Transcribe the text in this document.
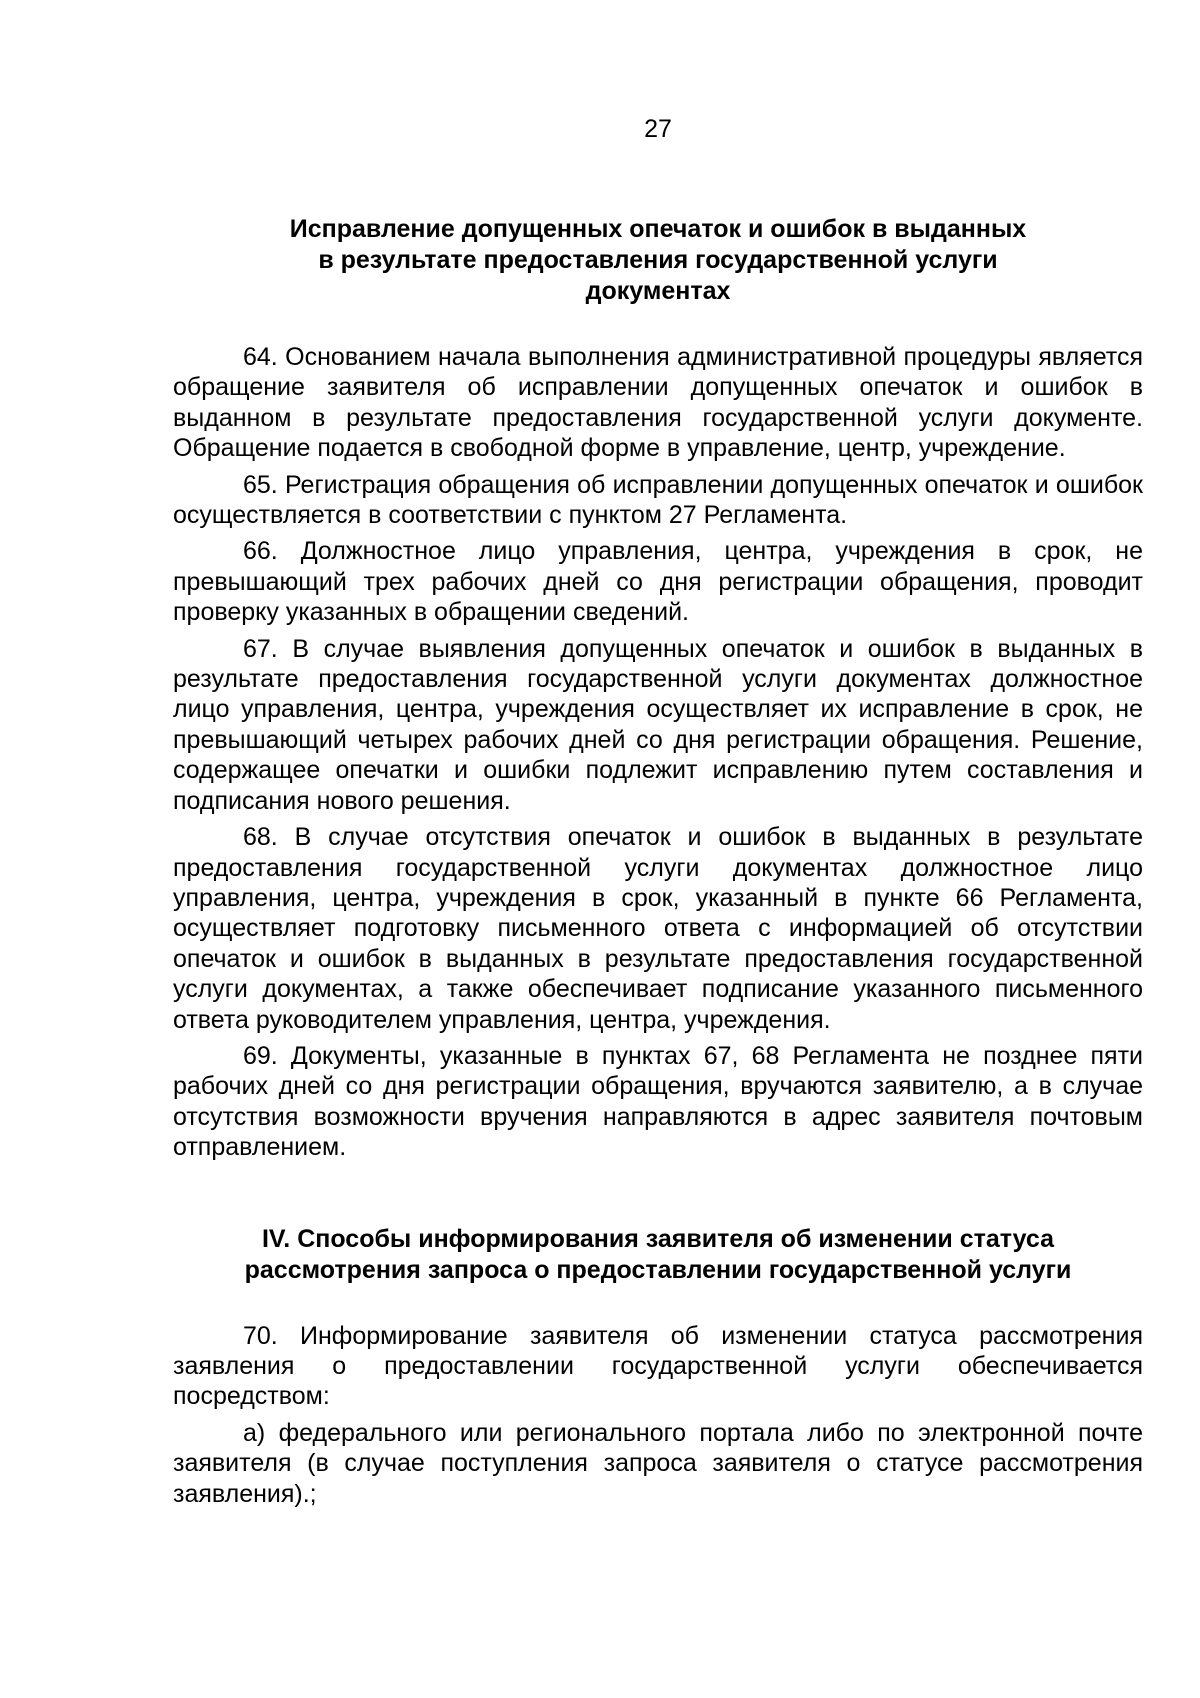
27
Исправление допущенных опечаток и ошибок в выданных
в результате предоставления государственной услуги
документах

64. Основанием начала выполнения административной процедуры является обращение заявителя об исправлении допущенных опечаток и ошибок в выданном в результате предоставления государственной услуги документе. Обращение подается в свободной форме в управление, центр, учреждение.

65. Регистрация обращения об исправлении допущенных опечаток и ошибок осуществляется в соответствии с пунктом 27 Регламента.

66. Должностное лицо управления, центра, учреждения в срок, не превышающий трех рабочих дней со дня регистрации обращения, проводит проверку указанных в обращении сведений.

67. В случае выявления допущенных опечаток и ошибок в выданных в результате предоставления государственной услуги документах должностное лицо управления, центра, учреждения осуществляет их исправление в срок, не превышающий четырех рабочих дней со дня регистрации обращения. Решение, содержащее опечатки и ошибки подлежит исправлению путем составления и подписания нового решения.

68. В случае отсутствия опечаток и ошибок в выданных в результате предоставления государственной услуги документах должностное лицо управления, центра, учреждения в срок, указанный в пункте 66 Регламента, осуществляет подготовку письменного ответа с информацией об отсутствии опечаток и ошибок в выданных в результате предоставления государственной услуги документах, а также обеспечивает подписание указанного письменного ответа руководителем управления, центра, учреждения.

69. Документы, указанные в пунктах 67, 68 Регламента не позднее пяти рабочих дней со дня регистрации обращения, вручаются заявителю, а в случае отсутствия возможности вручения направляются в адрес заявителя почтовым отправлением.

IV. Способы информирования заявителя об изменении статуса
рассмотрения запроса о предоставлении государственной услуги

70. Информирование заявителя об изменении статуса рассмотрения заявления о предоставлении государственной услуги обеспечивается посредством:

а) федерального или регионального портала либо по электронной почте заявителя (в случае поступления запроса заявителя о статусе рассмотрения заявления).;
